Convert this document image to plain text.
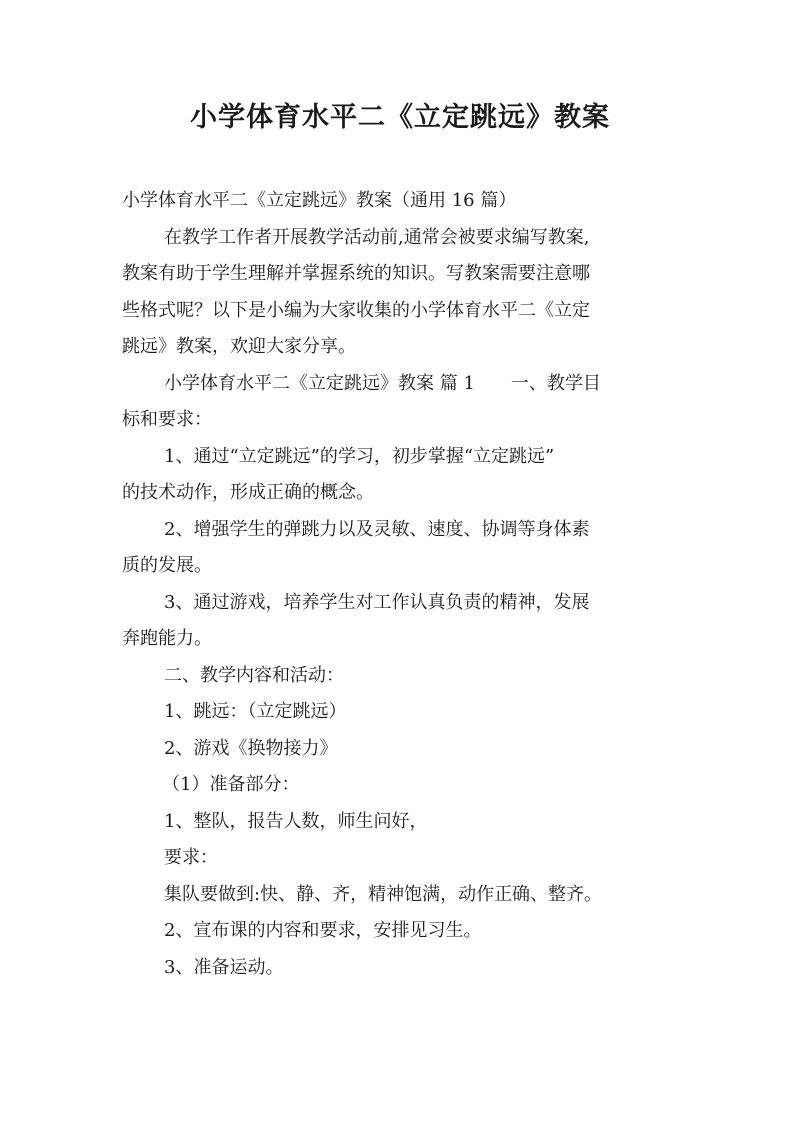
小学体育水平二《立定跳远》教案
小学体育水平二《立定跳远》教案（通用 16 篇）
在教学工作者开展教学活动前,通常会被要求编写教案,
教案有助于学生理解并掌握系统的知识。写教案需要注意哪
些格式呢？以下是小编为大家收集的小学体育水平二《立定
跳远》教案，欢迎大家分享。
小学体育水平二《立定跳远》教案 篇 1 一、教学目
标和要求：
1、通过“立定跳远”的学习，初步掌握“立定跳远”
的技术动作，形成正确的概念。
2、增强学生的弹跳力以及灵敏、速度、协调等身体素
质的发展。
3、通过游戏，培养学生对工作认真负责的精神，发展
奔跑能力。
二、教学内容和活动：
1、跳远：（立定跳远）
2、游戏《换物接力》
（1）准备部分：
1、整队，报告人数，师生问好，
要求：
集队要做到:快、静、齐，精神饱满，动作正确、整齐。
2、宣布课的内容和要求，安排见习生。
3、准备运动。
